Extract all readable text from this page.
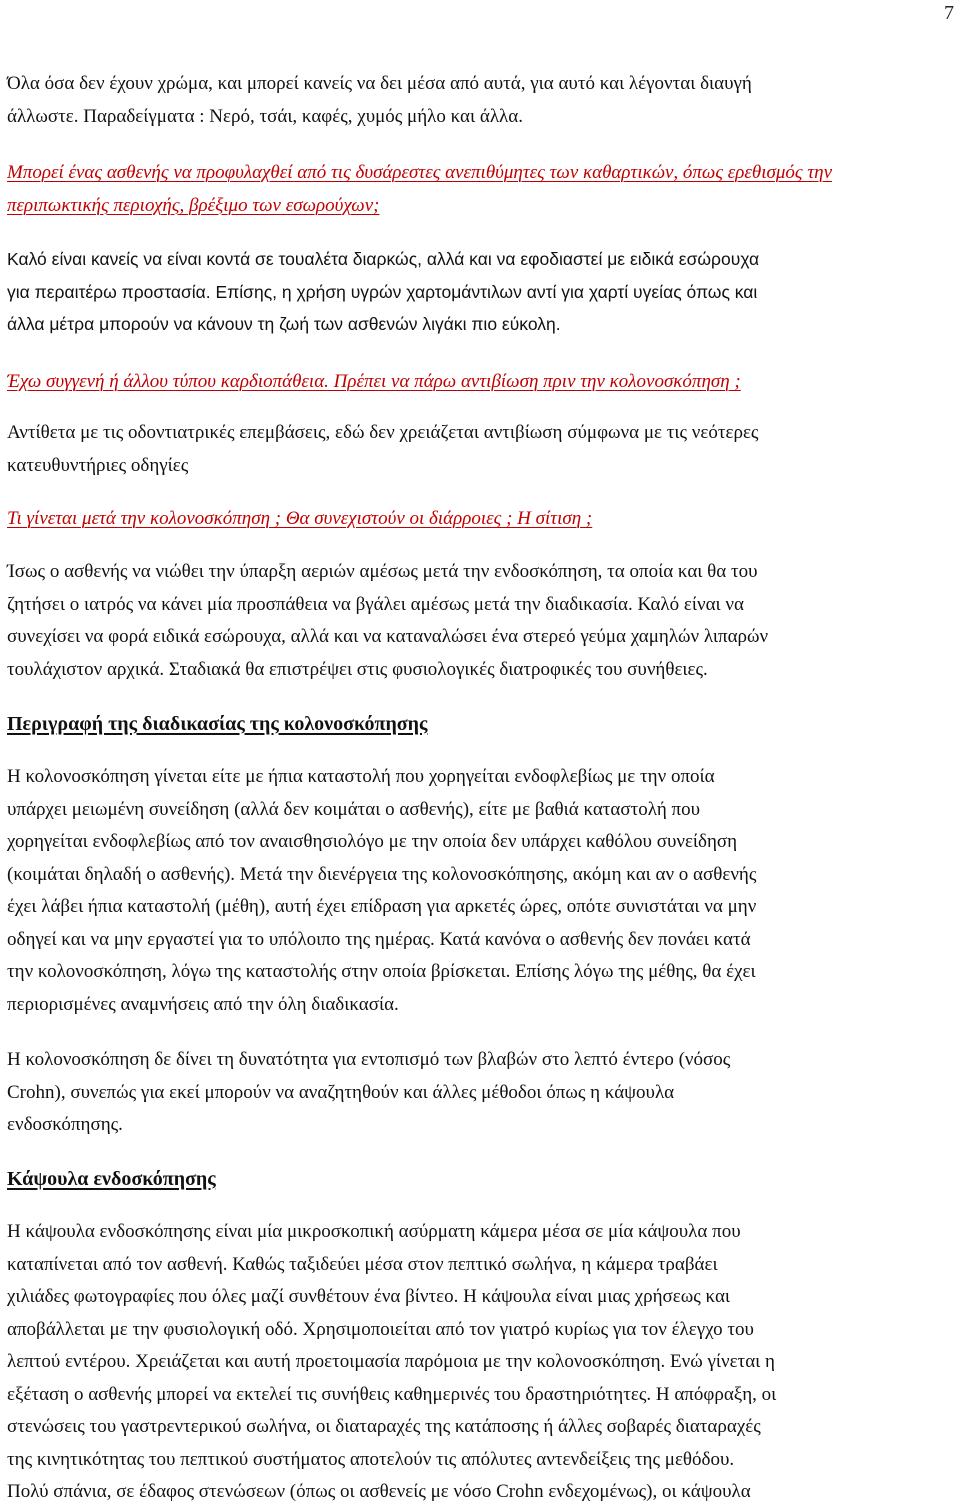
7
Όλα όσα δεν έχουν χρώμα, και μπορεί κανείς να δει μέσα από αυτά, για αυτό και λέγονται διαυγή
άλλωστε. Παραδείγματα : Νερό, τσάι, καφές, χυμός μήλο και άλλα.
Μπορεί ένας ασθενής να προφυλαχθεί από τις δυσάρεστες ανεπιθύμητες των καθαρτικών, όπως ερεθισμός την
περιπωκτικής περιοχής, βρέξιμο των εσωρούχων;
Καλό είναι κανείς να είναι κοντά σε τουαλέτα διαρκώς, αλλά και να εφοδιαστεί με ειδικά εσώρουχα
για περαιτέρω προστασία. Επίσης, η χρήση υγρών χαρτομάντιλων αντί για χαρτί υγείας όπως και
άλλα μέτρα μπορούν να κάνουν τη ζωή των ασθενών λιγάκι πιο εύκολη.
Έχω συγγενή ή άλλου τύπου καρδιοπάθεια. Πρέπει να πάρω αντιβίωση πριν την κολονοσκόπηση ;
Αντίθετα με τις οδοντιατρικές επεμβάσεις, εδώ δεν χρειάζεται αντιβίωση σύμφωνα με τις νεότερες
κατευθυντήριες οδηγίες
Τι γίνεται μετά την κολονοσκόπηση ; Θα συνεχιστούν οι διάρροιες ; Η σίτιση ;
Ίσως ο ασθενής να νιώθει την ύπαρξη αεριών αμέσως μετά την ενδοσκόπηση, τα οποία και θα του
ζητήσει ο ιατρός να κάνει μία προσπάθεια να βγάλει αμέσως μετά την διαδικασία. Καλό είναι να
συνεχίσει να φορά ειδικά εσώρουχα, αλλά και να καταναλώσει ένα στερεό γεύμα χαμηλών λιπαρών
τουλάχιστον αρχικά. Σταδιακά θα επιστρέψει στις φυσιολογικές διατροφικές του συνήθειες.
Περιγραφή της διαδικασίας της κολονοσκόπησης
Η κολονοσκόπηση γίνεται είτε με ήπια καταστολή που χορηγείται ενδοφλεβίως με την οποία
υπάρχει μειωμένη συνείδηση (αλλά δεν κοιμάται ο ασθενής), είτε με βαθιά καταστολή που
χορηγείται ενδοφλεβίως από τον αναισθησιολόγο με την οποία δεν υπάρχει καθόλου συνείδηση
(κοιμάται δηλαδή ο ασθενής). Μετά την διενέργεια της κολονοσκόπησης, ακόμη και αν ο ασθενής
έχει λάβει ήπια καταστολή (μέθη), αυτή έχει επίδραση για αρκετές ώρες, οπότε συνιστάται να μην
οδηγεί και να μην εργαστεί για το υπόλοιπο της ημέρας. Κατά κανόνα ο ασθενής δεν πονάει κατά
την κολονοσκόπηση, λόγω της καταστολής στην οποία βρίσκεται. Επίσης λόγω της μέθης, θα έχει
περιορισμένες αναμνήσεις από την όλη διαδικασία.
Η κολονοσκόπηση δε δίνει τη δυνατότητα για εντοπισμό των βλαβών στο λεπτό έντερο (νόσος
Crohn), συνεπώς για εκεί μπορούν να αναζητηθούν και άλλες μέθοδοι όπως η κάψουλα
ενδοσκόπησης.
Κάψουλα ενδοσκόπησης
Η κάψουλα ενδοσκόπησης είναι μία μικροσκοπική ασύρματη κάμερα μέσα σε μία κάψουλα που
καταπίνεται από τον ασθενή. Καθώς ταξιδεύει μέσα στον πεπτικό σωλήνα, η κάμερα τραβάει
χιλιάδες φωτογραφίες που όλες μαζί συνθέτουν ένα βίντεο. Η κάψουλα είναι μιας χρήσεως και
αποβάλλεται με την φυσιολογική οδό. Χρησιμοποιείται από τον γιατρό κυρίως για τον έλεγχο του
λεπτού εντέρου. Χρειάζεται και αυτή προετοιμασία παρόμοια με την κολονοσκόπηση. Ενώ γίνεται η
εξέταση ο ασθενής μπορεί να εκτελεί τις συνήθεις καθημερινές του δραστηριότητες. Η απόφραξη, οι
στενώσεις του γαστρεντερικού σωλήνα, οι διαταραχές της κατάποσης ή άλλες σοβαρές διαταραχές
της κινητικότητας του πεπτικού συστήματος αποτελούν τις απόλυτες αντενδείξεις της μεθόδου.
Πολύ σπάνια, σε έδαφος στενώσεων (όπως οι ασθενείς με νόσο Crohn ενδεχομένως), οι κάψουλα
